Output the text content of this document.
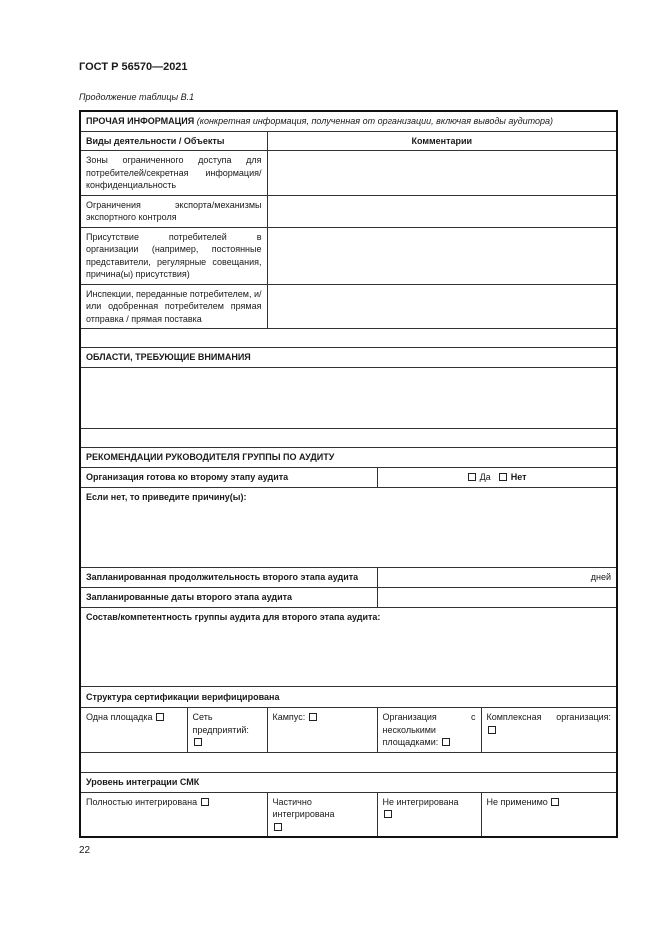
ГОСТ Р 56570—2021
Продолжение таблицы В.1
ПРОЧАЯ ИНФОРМАЦИЯ (конкретная информация, полученная от организации, включая выводы аудитора)				
Виды деятельности / Объекты		Комментарии		
Зоны ограниченного доступа для потребителей/секретная информация/конфиденциальность				
Ограничения экспорта/механизмы экспортного контроля				
Присутствие потребителей в организации (например, постоянные представители, регулярные совещания, причина(ы) присутствия)				
Инспекции, переданные потребителем, и/или одобренная потребителем прямая отправка / прямая поставка				

ОБЛАСТИ, ТРЕБУЮЩИЕ ВНИМАНИЯ				

РЕКОМЕНДАЦИИ РУКОВОДИТЕЛЯ ГРУППЫ ПО АУДИТУ				
Организация готова ко второму этапу аудита			Да Нет	
Если нет, то приведите причину(ы):				
Запланированная продолжительность второго этапа аудита			дней	
Запланированные даты второго этапа аудита				
Состав/компетентность группы аудита для второго этапа аудита:				
Структура сертификации верифицирована				
Одна площадка	Сеть предприятий:	Кампус:	Организация с несколькими площадками:	Комплексная организация:

Уровень интеграции СМК				
Полностью интегрирована		Частично интегрирована	Не интегрирована	Не применимо
22
